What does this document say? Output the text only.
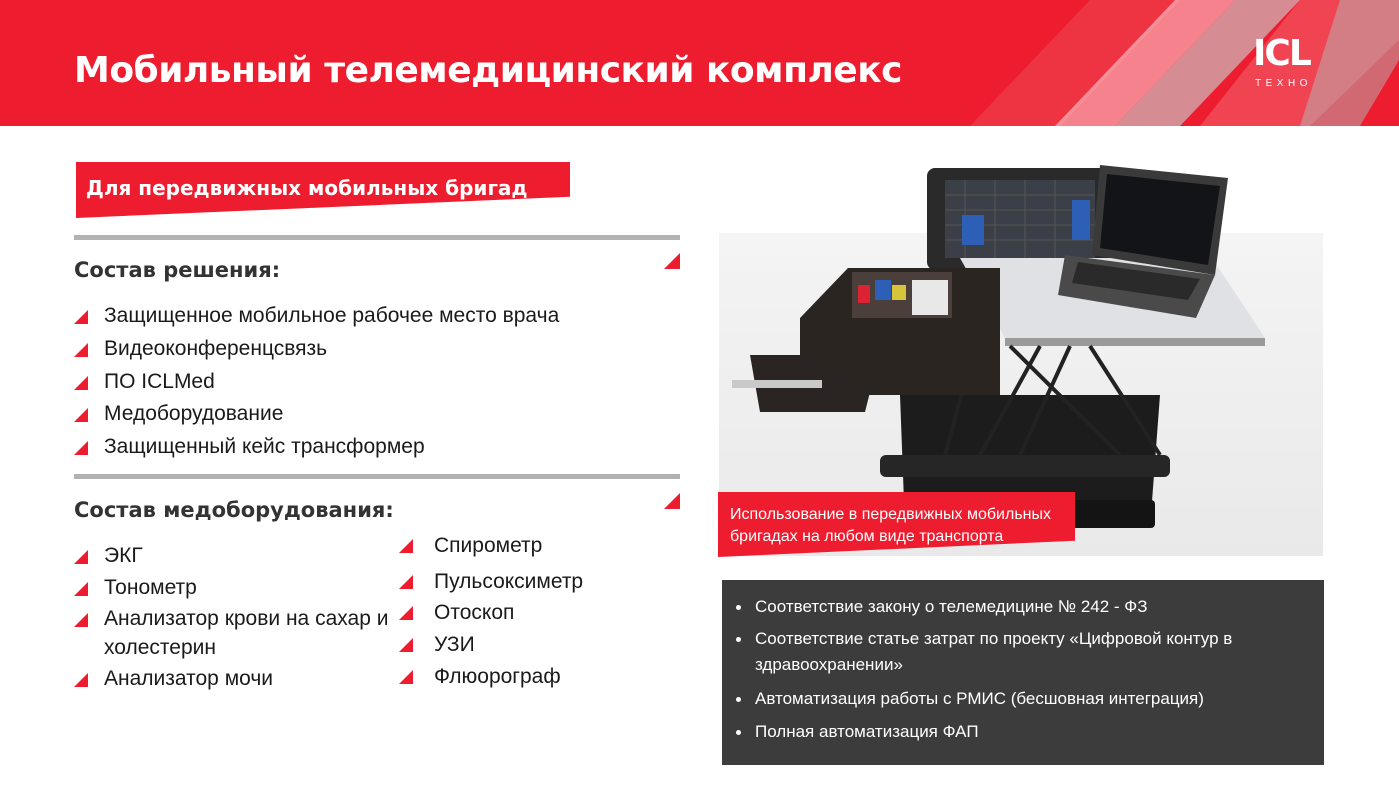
Мобильный телемедицинский комплекс	ICL
ТЕХНО
Для передвижных мобильных бригад
Состав решения:
Защищенное мобильное рабочее место врача
Видеоконференцсвязь
ПО ICLMed
Медоборудование
Защищенный кейс трансформер
Состав медоборудования:
ЭКГ
Тонометр
Анализатор крови на сахар и холестерин
Анализатор мочи
Спирометр
Пульсоксиметр
Отоскоп
УЗИ
Флюорограф
Использование в передвижных мобильных бригадах на любом виде транспорта
Соответствие закону о телемедицине № 242 - ФЗ
Соответствие статье затрат по проекту «Цифровой контур в здравоохранении»
Автоматизация работы с РМИС (бесшовная интеграция)
Полная автоматизация ФАП
